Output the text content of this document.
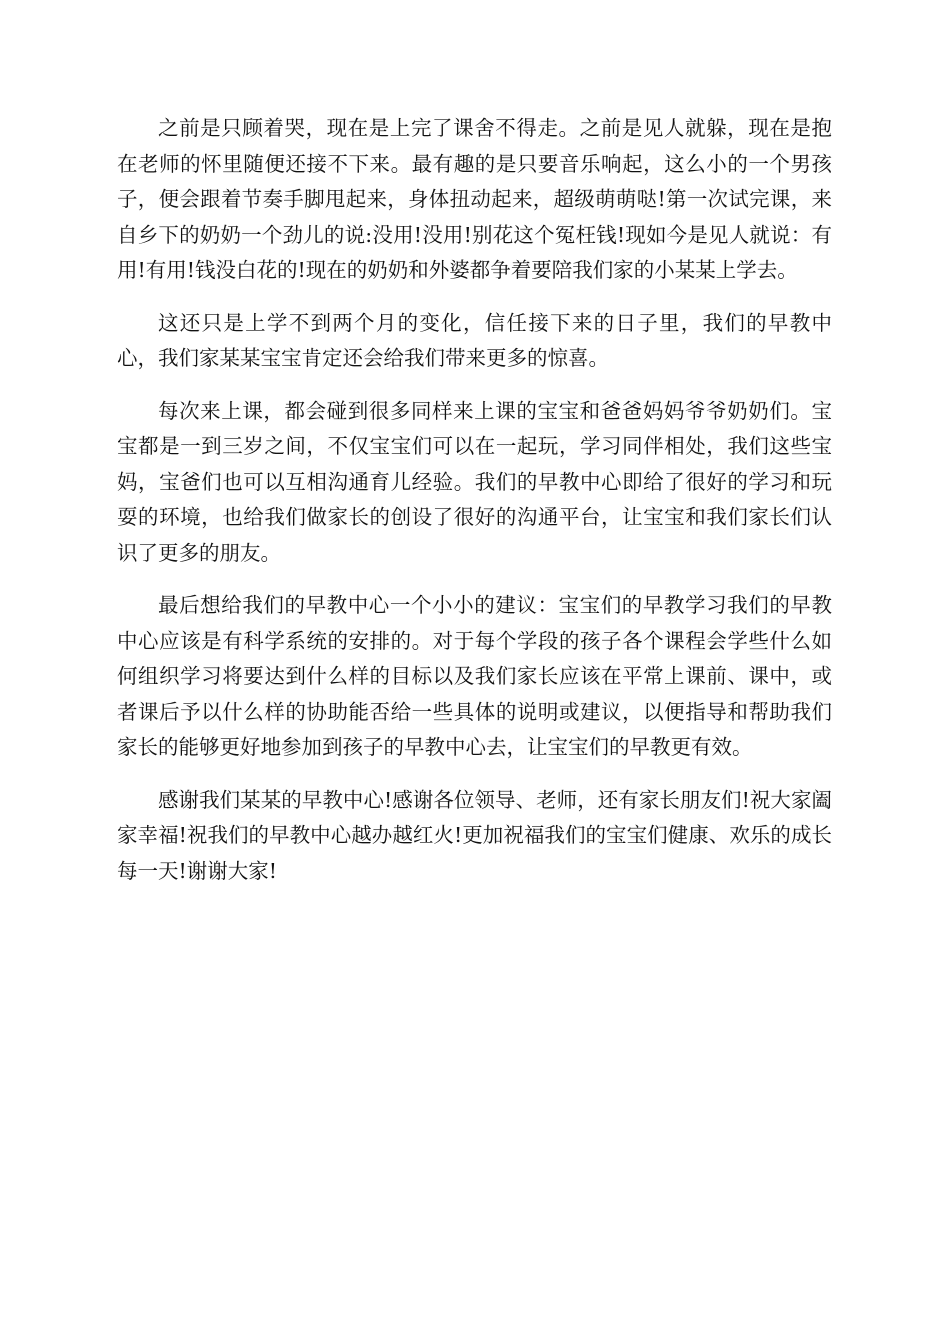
之前是只顾着哭，现在是上完了课舍不得走。之前是见人就躲，现在是抱在老师的怀里随便还接不下来。最有趣的是只要音乐响起，这么小的一个男孩子，便会跟着节奏手脚甩起来，身体扭动起来，超级萌萌哒!第一次试完课，来自乡下的奶奶一个劲儿的说:没用!没用!别花这个冤枉钱!现如今是见人就说：有用!有用!钱没白花的!现在的奶奶和外婆都争着要陪我们家的小某某上学去。

这还只是上学不到两个月的变化，信任接下来的日子里，我们的早教中心，我们家某某宝宝肯定还会给我们带来更多的惊喜。

每次来上课，都会碰到很多同样来上课的宝宝和爸爸妈妈爷爷奶奶们。宝宝都是一到三岁之间，不仅宝宝们可以在一起玩，学习同伴相处，我们这些宝妈，宝爸们也可以互相沟通育儿经验。我们的早教中心即给了很好的学习和玩耍的环境，也给我们做家长的创设了很好的沟通平台，让宝宝和我们家长们认识了更多的朋友。

最后想给我们的早教中心一个小小的建议：宝宝们的早教学习我们的早教中心应该是有科学系统的安排的。对于每个学段的孩子各个课程会学些什么如何组织学习将要达到什么样的目标以及我们家长应该在平常上课前、课中，或者课后予以什么样的协助能否给一些具体的说明或建议，以便指导和帮助我们家长的能够更好地参加到孩子的早教中心去，让宝宝们的早教更有效。

感谢我们某某的早教中心!感谢各位领导、老师，还有家长朋友们!祝大家阖家幸福!祝我们的早教中心越办越红火!更加祝福我们的宝宝们健康、欢乐的成长每一天!谢谢大家!
